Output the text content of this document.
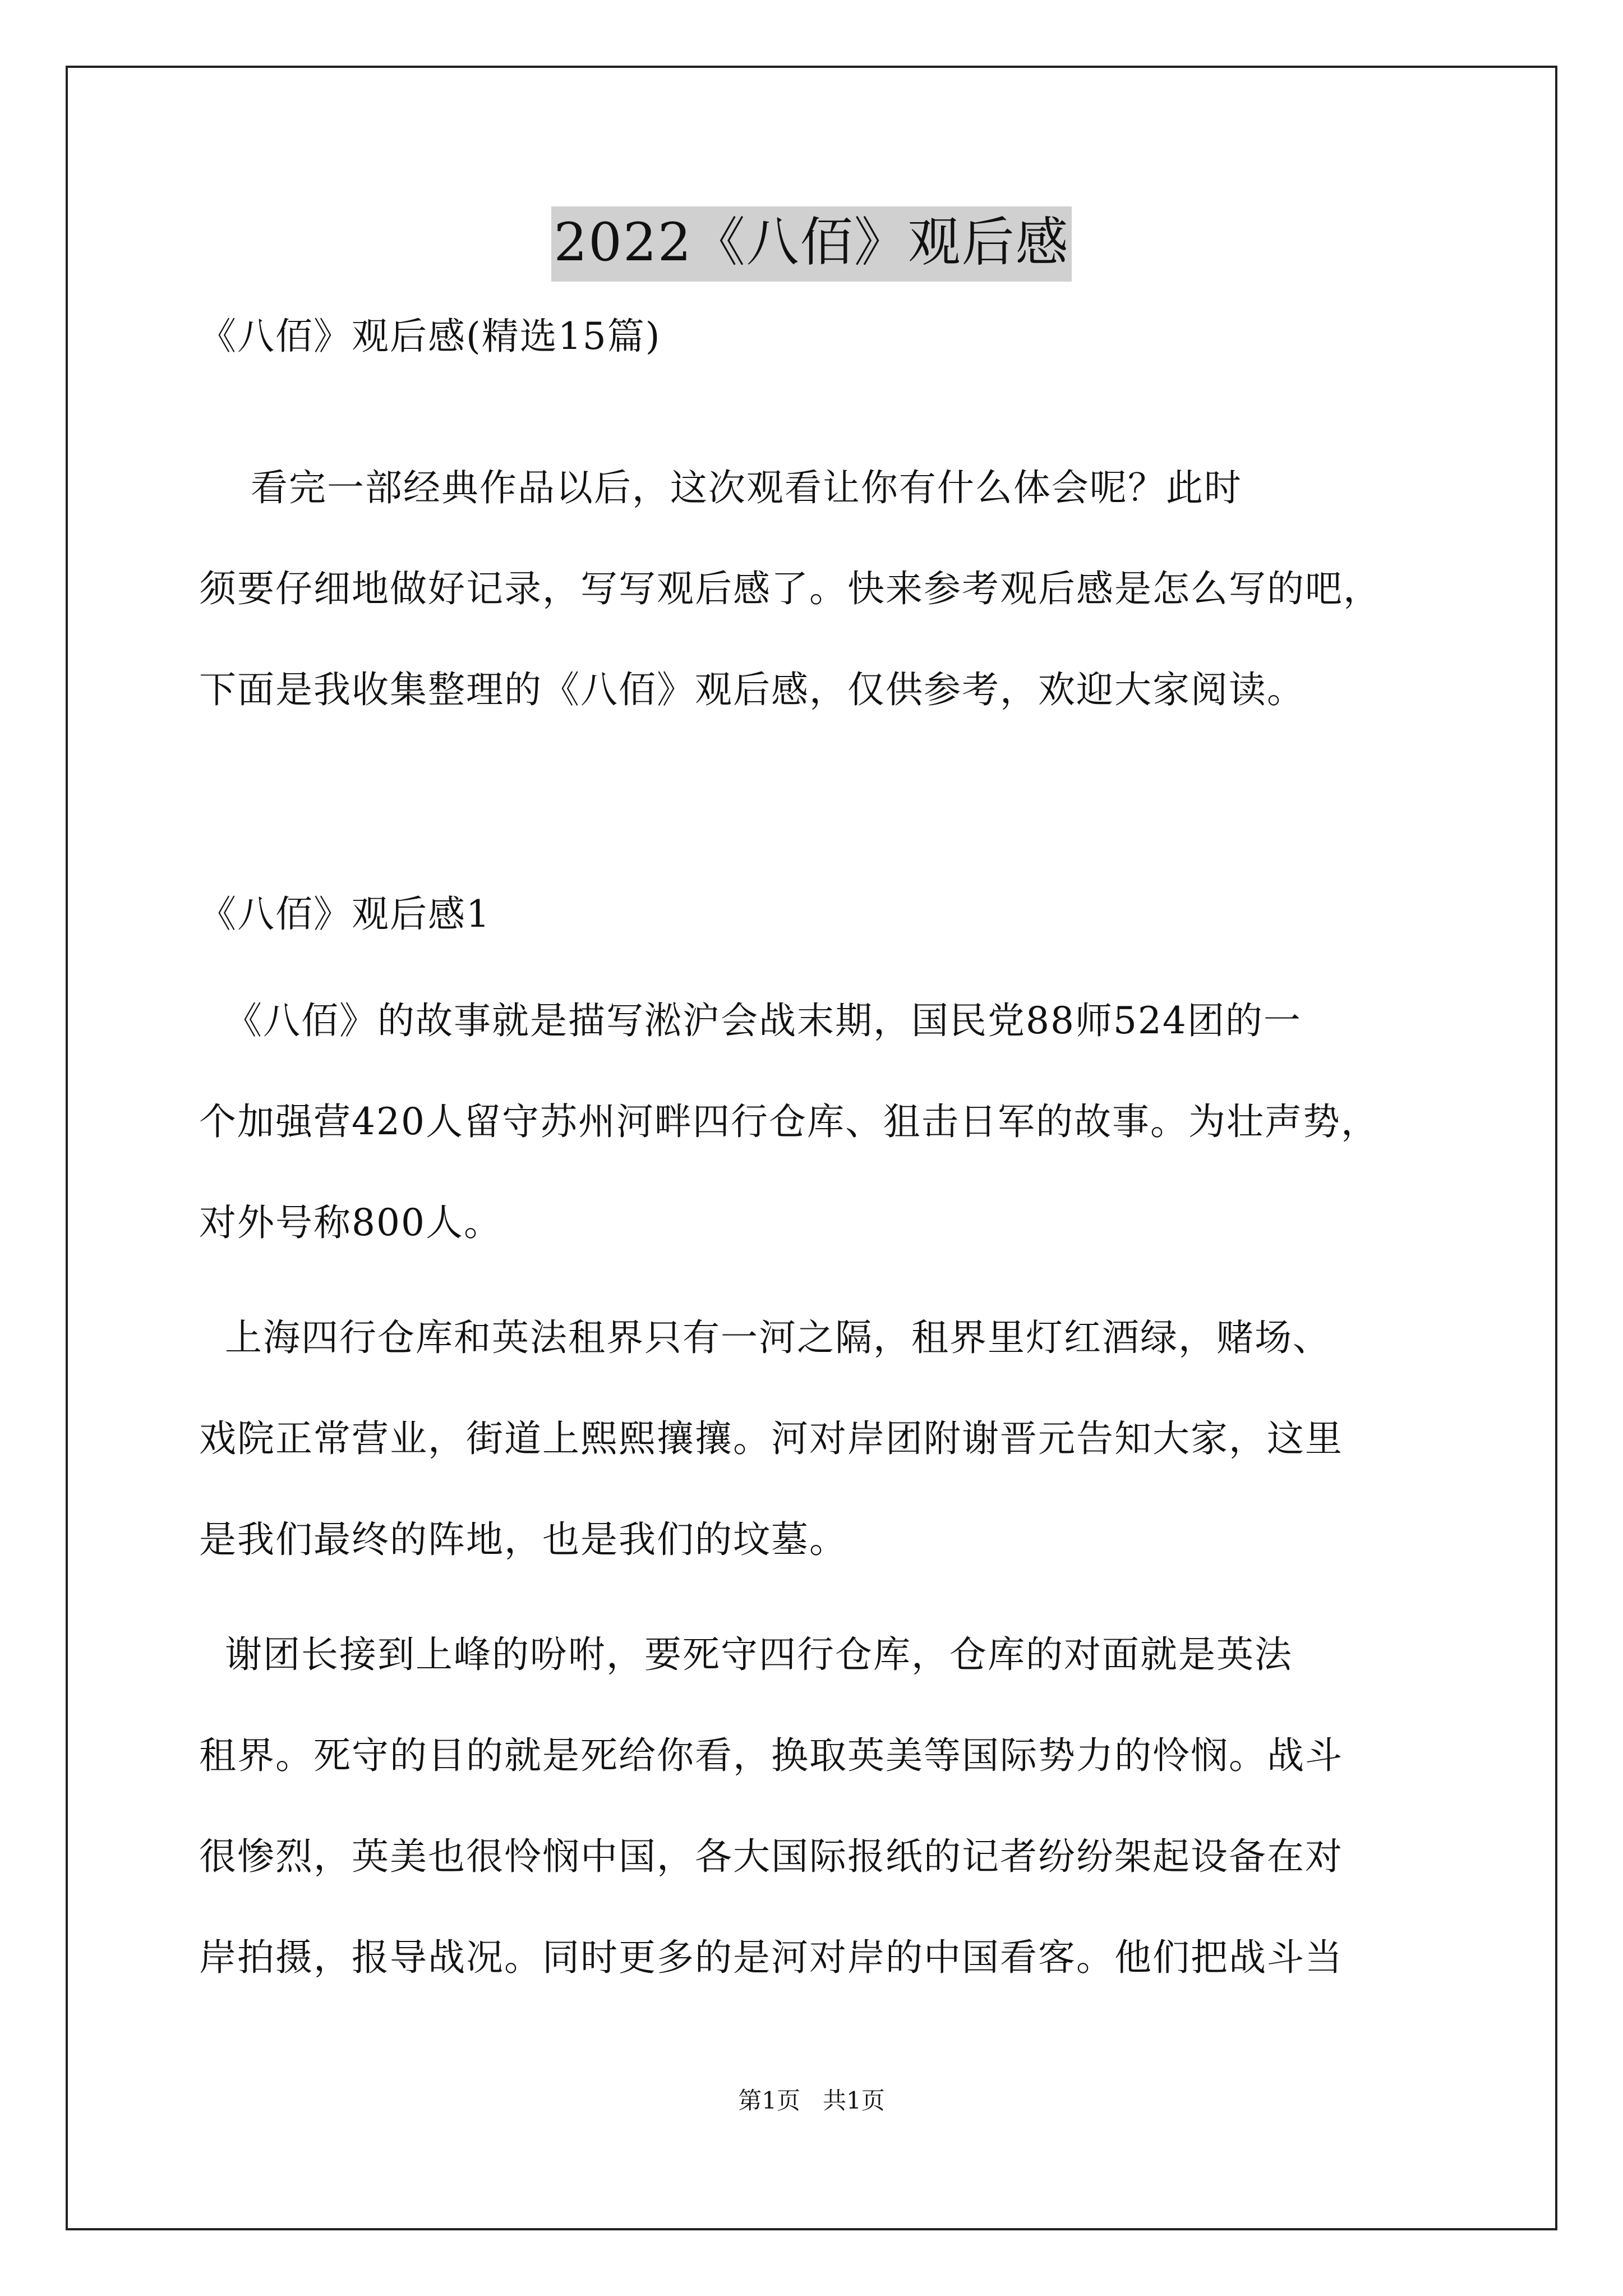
2022《八佰》观后感
《八佰》观后感(精选15篇)
看完一部经典作品以后，这次观看让你有什么体会呢？此时
须要仔细地做好记录，写写观后感了。快来参考观后感是怎么写的吧，
下面是我收集整理的《八佰》观后感，仅供参考，欢迎大家阅读。
《八佰》观后感1
《八佰》的故事就是描写淞沪会战末期，国民党88师524团的一
个加强营420人留守苏州河畔四行仓库、狙击日军的故事。为壮声势，
对外号称800人。
上海四行仓库和英法租界只有一河之隔，租界里灯红酒绿，赌场、
戏院正常营业，街道上熙熙攘攘。河对岸团附谢晋元告知大家，这里
是我们最终的阵地，也是我们的坟墓。
谢团长接到上峰的吩咐，要死守四行仓库，仓库的对面就是英法
租界。死守的目的就是死给你看，换取英美等国际势力的怜悯。战斗
很惨烈，英美也很怜悯中国，各大国际报纸的记者纷纷架起设备在对
岸拍摄，报导战况。同时更多的是河对岸的中国看客。他们把战斗当
第1页   共1页
